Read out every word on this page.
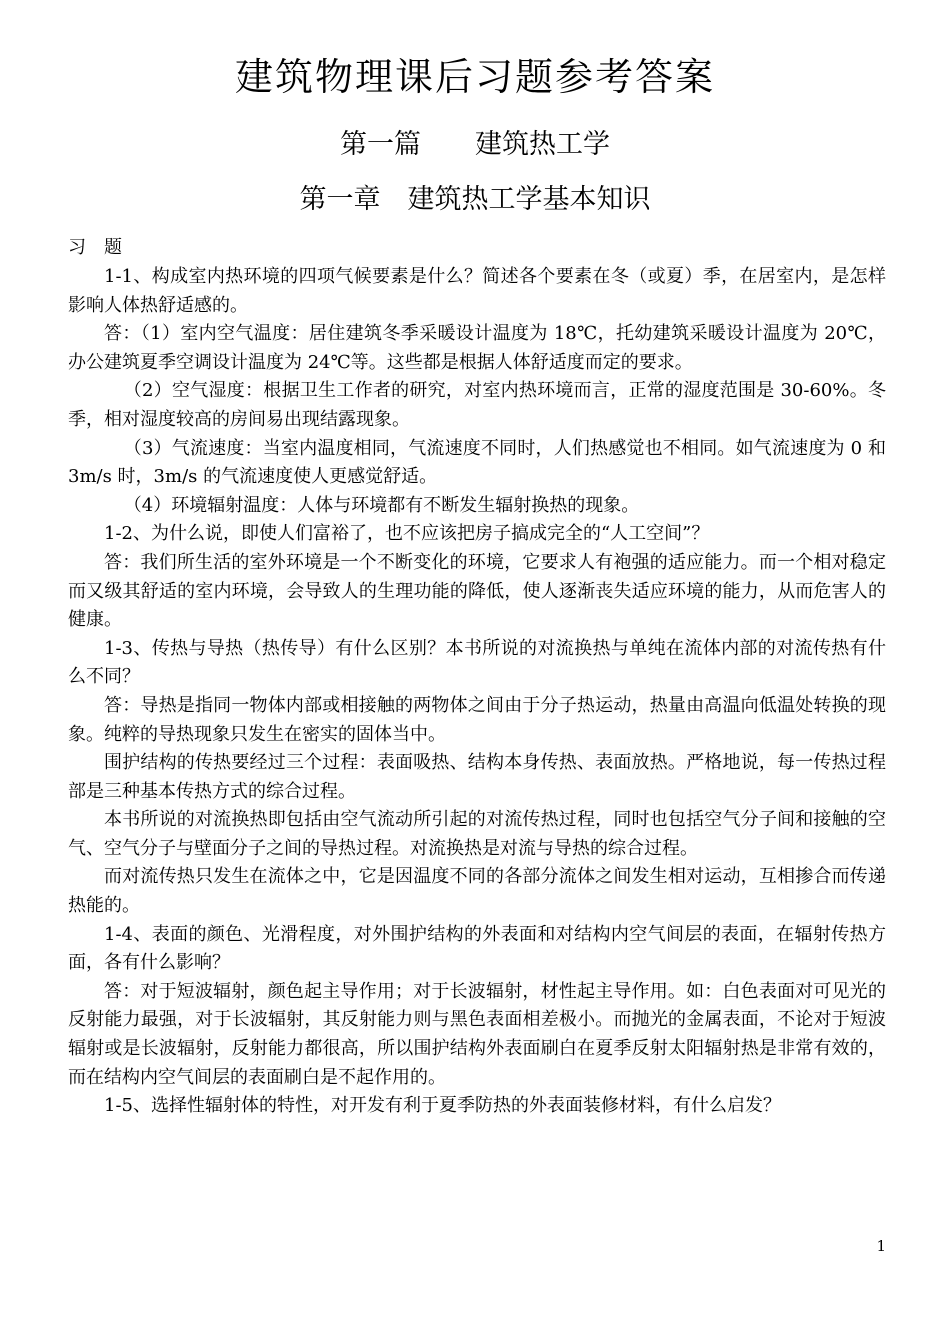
建筑物理课后习题参考答案
第一篇　　建筑热工学
第一章　建筑热工学基本知识
习　题

1-1、构成室内热环境的四项气候要素是什么？简述各个要素在冬（或夏）季，在居室内，是怎样影响人体热舒适感的。

答：（1）室内空气温度：居住建筑冬季采暖设计温度为 18℃，托幼建筑采暖设计温度为 20℃，办公建筑夏季空调设计温度为 24℃等。这些都是根据人体舒适度而定的要求。

（2）空气湿度：根据卫生工作者的研究，对室内热环境而言，正常的湿度范围是 30-60%。冬季，相对湿度较高的房间易出现结露现象。

（3）气流速度：当室内温度相同，气流速度不同时，人们热感觉也不相同。如气流速度为 0 和 3m/s 时，3m/s 的气流速度使人更感觉舒适。

（4）环境辐射温度：人体与环境都有不断发生辐射换热的现象。

1-2、为什么说，即使人们富裕了，也不应该把房子搞成完全的“人工空间”？

答：我们所生活的室外环境是一个不断变化的环境，它要求人有袍强的适应能力。而一个相对稳定而又级其舒适的室内环境，会导致人的生理功能的降低，使人逐渐丧失适应环境的能力，从而危害人的健康。

1-3、传热与导热（热传导）有什么区别？本书所说的对流换热与单纯在流体内部的对流传热有什么不同？

答：导热是指同一物体内部或相接触的两物体之间由于分子热运动，热量由高温向低温处转换的现象。纯粹的导热现象只发生在密实的固体当中。

围护结构的传热要经过三个过程：表面吸热、结构本身传热、表面放热。严格地说，每一传热过程部是三种基本传热方式的综合过程。

本书所说的对流换热即包括由空气流动所引起的对流传热过程，同时也包括空气分子间和接触的空气、空气分子与壁面分子之间的导热过程。对流换热是对流与导热的综合过程。

而对流传热只发生在流体之中，它是因温度不同的各部分流体之间发生相对运动，互相掺合而传递热能的。

1-4、表面的颜色、光滑程度，对外围护结构的外表面和对结构内空气间层的表面，在辐射传热方面，各有什么影响？

答：对于短波辐射，颜色起主导作用；对于长波辐射，材性起主导作用。如：白色表面对可见光的反射能力最强，对于长波辐射，其反射能力则与黑色表面相差极小。而抛光的金属表面，不论对于短波辐射或是长波辐射，反射能力都很高，所以围护结构外表面刷白在夏季反射太阳辐射热是非常有效的，而在结构内空气间层的表面刷白是不起作用的。

1-5、选择性辐射体的特性，对开发有利于夏季防热的外表面装修材料，有什么启发？

1
